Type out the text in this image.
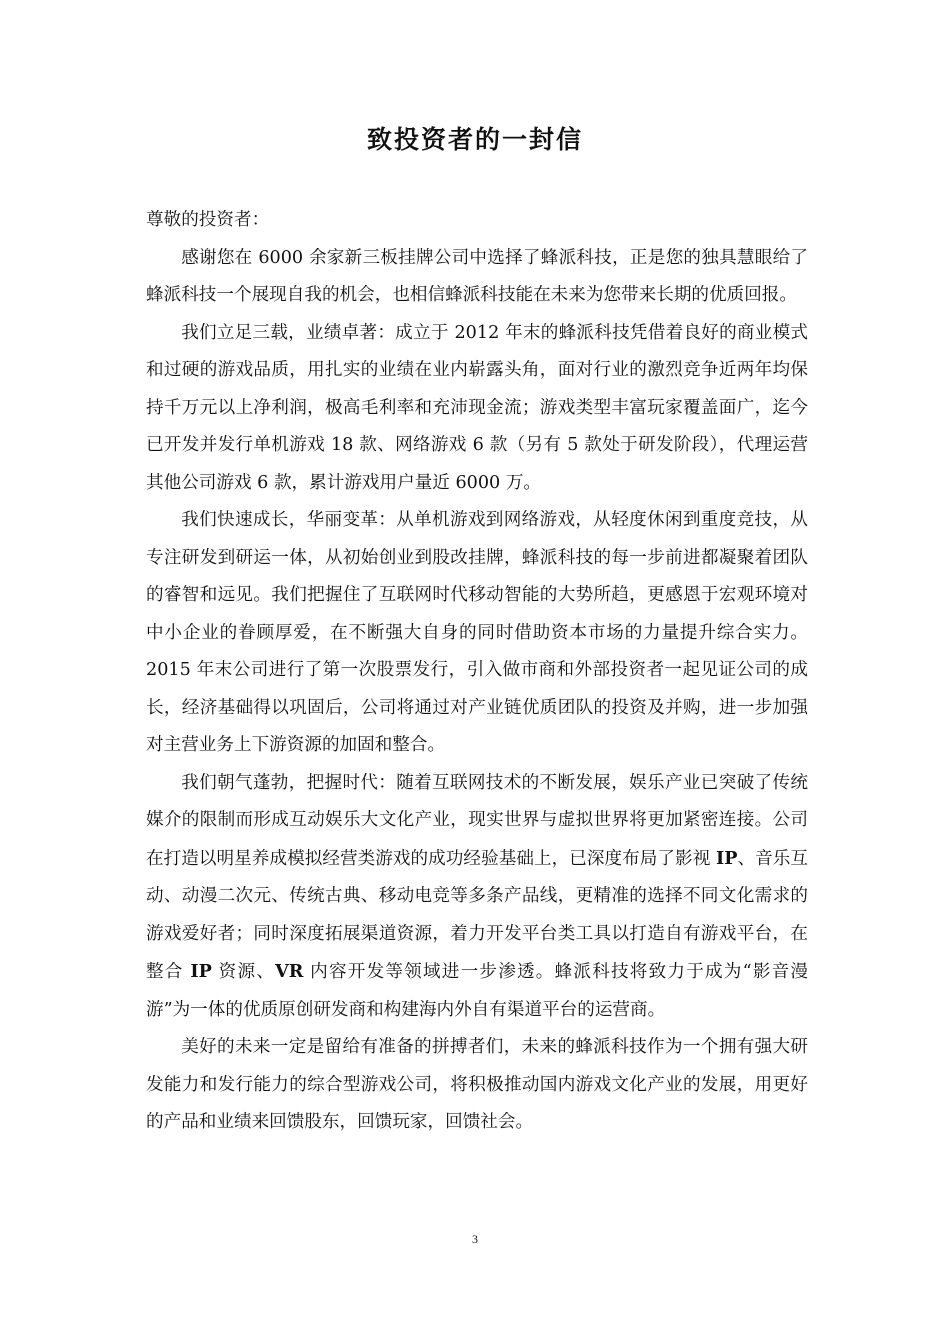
致投资者的一封信

尊敬的投资者：

感谢您在 6000 余家新三板挂牌公司中选择了蜂派科技，正是您的独具慧眼给了蜂派科技一个展现自我的机会，也相信蜂派科技能在未来为您带来长期的优质回报。

我们立足三载，业绩卓著：成立于 2012 年末的蜂派科技凭借着良好的商业模式和过硬的游戏品质，用扎实的业绩在业内崭露头角，面对行业的激烈竞争近两年均保持千万元以上净利润，极高毛利率和充沛现金流；游戏类型丰富玩家覆盖面广，迄今已开发并发行单机游戏 18 款、网络游戏 6 款（另有 5 款处于研发阶段），代理运营其他公司游戏 6 款，累计游戏用户量近 6000 万。

我们快速成长，华丽变革：从单机游戏到网络游戏，从轻度休闲到重度竞技，从专注研发到研运一体，从初始创业到股改挂牌，蜂派科技的每一步前进都凝聚着团队的睿智和远见。我们把握住了互联网时代移动智能的大势所趋，更感恩于宏观环境对中小企业的眷顾厚爱，在不断强大自身的同时借助资本市场的力量提升综合实力。2015 年末公司进行了第一次股票发行，引入做市商和外部投资者一起见证公司的成长，经济基础得以巩固后，公司将通过对产业链优质团队的投资及并购，进一步加强对主营业务上下游资源的加固和整合。

我们朝气蓬勃，把握时代：随着互联网技术的不断发展，娱乐产业已突破了传统媒介的限制而形成互动娱乐大文化产业，现实世界与虚拟世界将更加紧密连接。公司在打造以明星养成模拟经营类游戏的成功经验基础上，已深度布局了影视 IP、音乐互动、动漫二次元、传统古典、移动电竞等多条产品线，更精准的选择不同文化需求的游戏爱好者；同时深度拓展渠道资源，着力开发平台类工具以打造自有游戏平台，在整合 IP 资源、VR 内容开发等领域进一步渗透。蜂派科技将致力于成为“影音漫游”为一体的优质原创研发商和构建海内外自有渠道平台的运营商。

美好的未来一定是留给有准备的拼搏者们，未来的蜂派科技作为一个拥有强大研发能力和发行能力的综合型游戏公司，将积极推动国内游戏文化产业的发展，用更好的产品和业绩来回馈股东，回馈玩家，回馈社会。

3
